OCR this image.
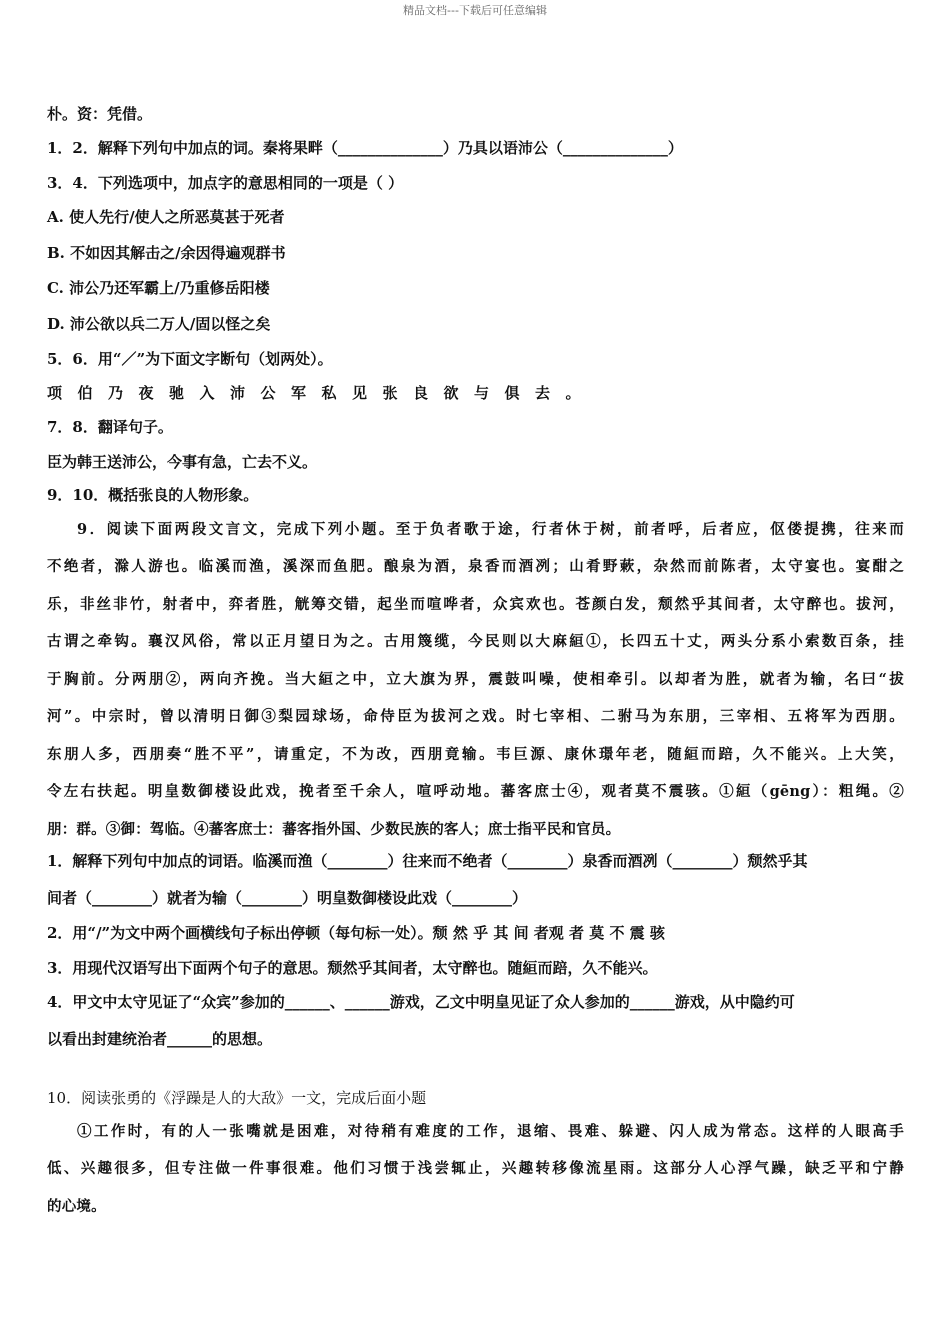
精品文档---下载后可任意编辑
朴。资：凭借。
1．2．解释下列句中加点的词。秦将果畔（______________）乃具以语沛公（______________）
3．4．下列选项中，加点字的意思相同的一项是（ ）
A. 使人先行/使人之所恶莫甚于死者
B. 不如因其解击之/余因得遍观群书
C. 沛公乃还军霸上/乃重修岳阳楼
D. 沛公欲以兵二万人/固以怪之矣
5．6．用“／”为下面文字断句（划两处）。
项伯乃夜驰入沛公军私见张良欲与俱去。
7．8．翻译句子。
臣为韩王送沛公，今事有急，亡去不义。
9．10．概括张良的人物形象。
9．阅读下面两段文言文，完成下列小题。至于负者歌于途，行者休于树，前者呼，后者应，伛偻提携，往来而
不绝者，滁人游也。临溪而渔，溪深而鱼肥。酿泉为酒，泉香而酒冽；山肴野蔌，杂然而前陈者，太守宴也。宴酣之
乐，非丝非竹，射者中，弈者胜，觥筹交错，起坐而喧哗者，众宾欢也。苍颜白发，颓然乎其间者，太守醉也。拔河，
古谓之牵钩。襄汉风俗，常以正月望日为之。古用篾缆，今民则以大麻絙①，长四五十丈，两头分系小索数百条，挂
于胸前。分两朋②，两向齐挽。当大絙之中，立大旗为界，震鼓叫噪，使相牵引。以却者为胜，就者为输，名曰“拔
河”。中宗时，曾以清明日御③梨园球场，命侍臣为拔河之戏。时七宰相、二驸马为东朋，三宰相、五将军为西朋。
东朋人多，西朋奏“胜不平”，请重定，不为改，西朋竟输。韦巨源、康休璟年老，随絙而踣，久不能兴。上大笑，
令左右扶起。明皇数御楼设此戏，挽者至千余人，喧呼动地。蕃客庶士④，观者莫不震骇。①絙（gēng）：粗绳。②
朋：群。③御：驾临。④蕃客庶士：蕃客指外国、少数民族的客人；庶士指平民和官员。
1．解释下列句中加点的词语。临溪而渔（________）往来而不绝者（________）泉香而酒冽（________）颓然乎其
间者（________）就者为输（________）明皇数御楼设此戏（________）
2．用“/”为文中两个画横线句子标出停顿（每句标一处）。颓 然 乎 其 间 者观 者 莫 不 震 骇
3．用现代汉语写出下面两个句子的意思。颓然乎其间者，太守醉也。随絙而踣，久不能兴。
4．甲文中太守见证了“众宾”参加的______、______游戏，乙文中明皇见证了众人参加的______游戏，从中隐约可
以看出封建统治者______的思想。
10．阅读张勇的《浮躁是人的大敌》一文，完成后面小题
①工作时，有的人一张嘴就是困难，对待稍有难度的工作，退缩、畏难、躲避、闪人成为常态。这样的人眼高手
低、兴趣很多，但专注做一件事很难。他们习惯于浅尝辄止，兴趣转移像流星雨。这部分人心浮气躁，缺乏平和宁静
的心境。
